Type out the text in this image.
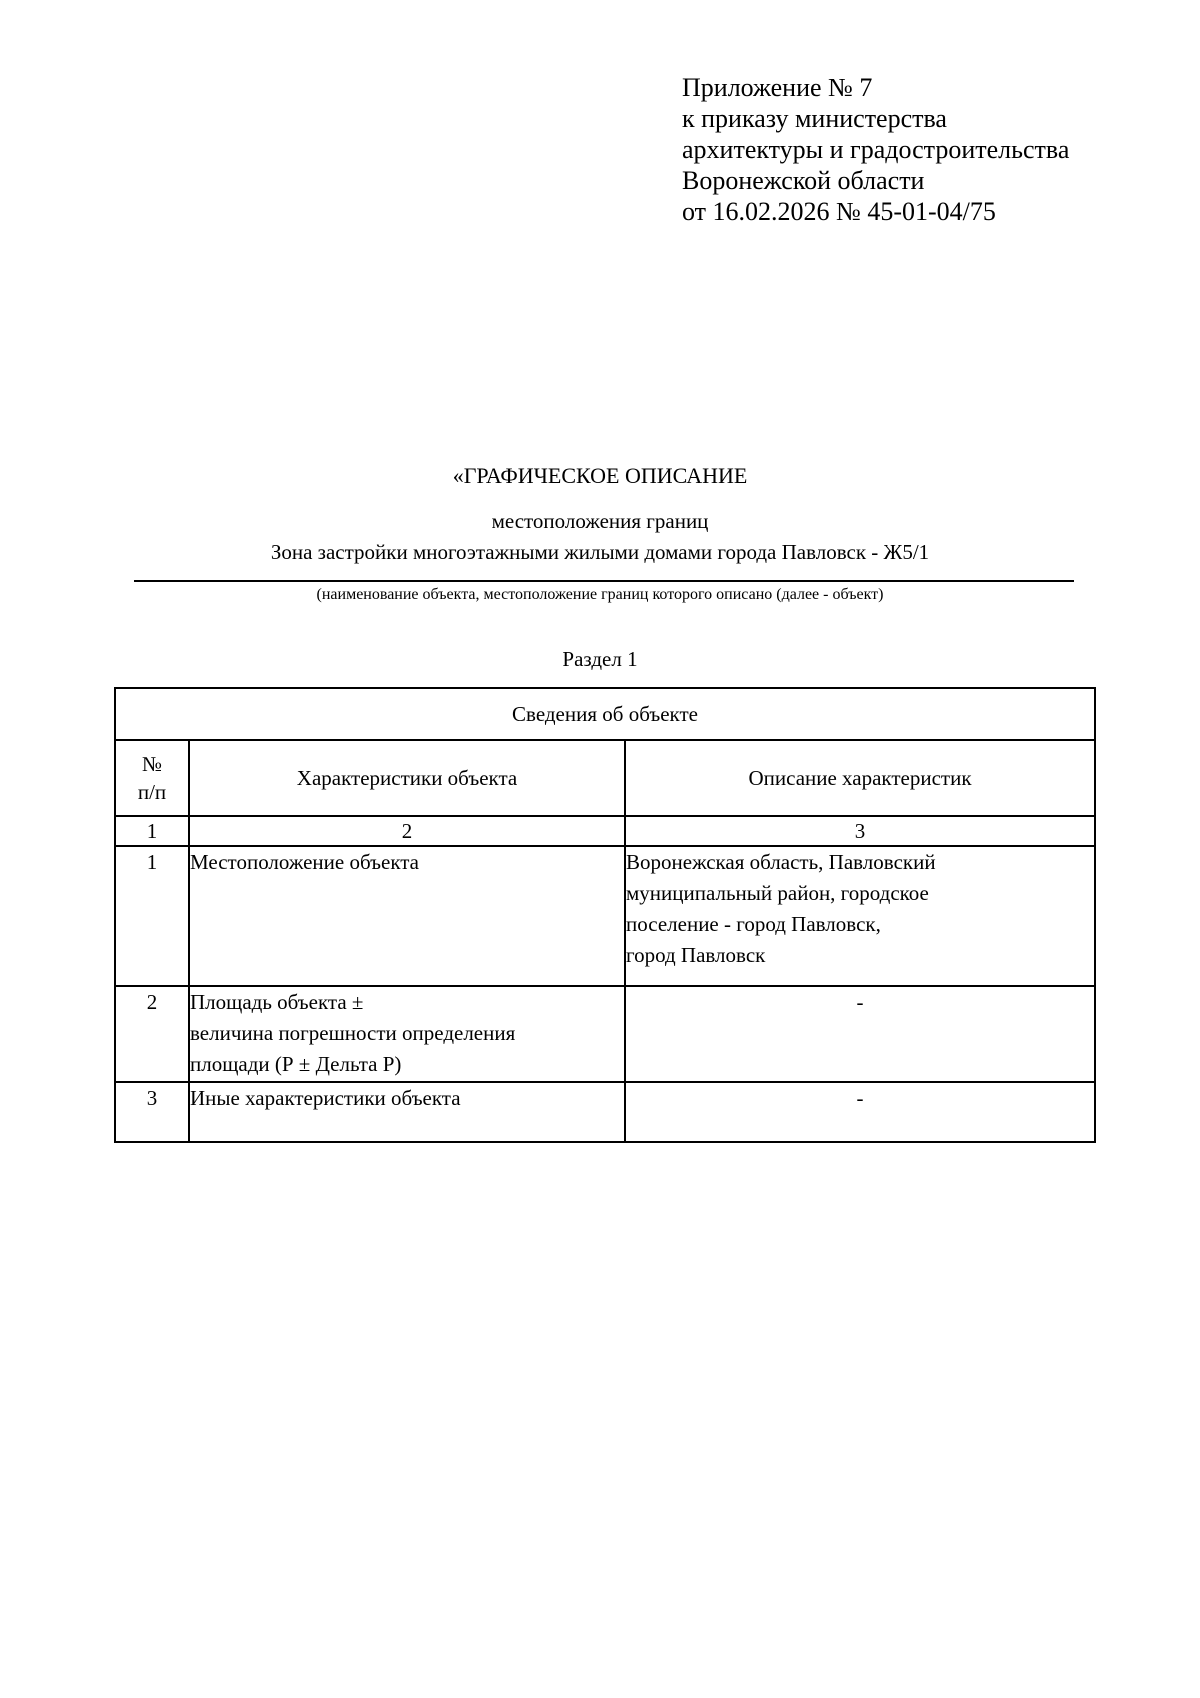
Приложение № 7
к приказу министерства
архитектуры и градостроительства
Воронежской области
от 16.02.2026 № 45-01-04/75
«ГРАФИЧЕСКОЕ ОПИСАНИЕ
местоположения границ
Зона застройки многоэтажными жилыми домами города Павловск - Ж5/1
(наименование объекта, местоположение границ которого описано (далее - объект)
Раздел 1
Сведения об объекте		

№
п/п	Характеристики объекта	Описание характеристик
1	2	3
1	Местоположение объекта	Воронежская область, Павловский
муниципальный район, городское
поселение - город Павловск,
город Павловск

2	Площадь объекта ±
величина погрешности определения
площади (Р ± Дельта Р)	-
3	Иные характеристики объекта	-
